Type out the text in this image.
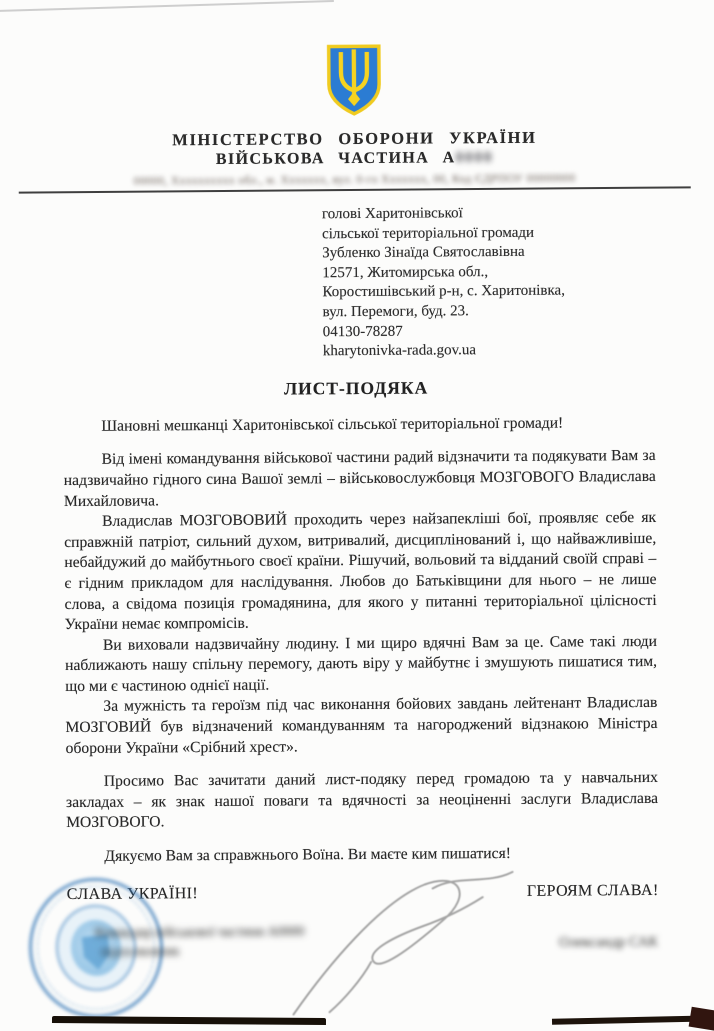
МІНІСТЕРСТВО ОБОРОНИ УКРАЇНИ
ВІЙСЬКОВА ЧАСТИНА А0000
00000, Xxxxxxxxxx обл., м. Xxxxxxx, вул. 0-го Xxxxxxx, 00, Код ЄДРПОУ 00000000
голові Харитонівської
сільської територіальної громади
Зубленко Зінаїда Святославівна
12571, Житомирська обл.,
Коростишівський р-н, с. Харитонівка,
вул. Перемоги, буд. 23.
04130-78287
kharytonivka-rada.gov.ua
ЛИСТ-ПОДЯКА

Шановні мешканці Харитонівської сільської територіальної громади!

Від імені командування військової частини радий відзначити та подякувати Вам за надзвичайно гідного сина Вашої землі – військовослужбовця МОЗГОВОГО Владислава Михайловича.

Владислав МОЗГОВОВИЙ проходить через найзапекліші бої, проявляє себе як справжній патріот, сильний духом, витривалий, дисциплінований і, що найважливіше, небайдужий до майбутнього своєї країни. Рішучий, вольовий та відданий своїй справі – є гідним прикладом для наслідування. Любов до Батьківщини для нього – не лише слова, а свідома позиція громадянина, для якого у питанні територіальної цілісності України немає компромісів.

Ви виховали надзвичайну людину. І ми щиро вдячні Вам за це. Саме такі люди наближають нашу спільну перемогу, дають віру у майбутнє і змушують пишатися тим, що ми є частиною однієї нації.

За мужність та героїзм під час виконання бойових завдань лейтенант Владислав МОЗГОВИЙ був відзначений командуванням та нагороджений відзнакою Міністра оборони України «Срібний хрест».

Просимо Вас зачитати даний лист-подяку перед громадою та у навчальних закладах – як знак нашої поваги та вдячності за неоціненні заслуги Владислава МОЗГОВОГО.

Дякуємо Вам за справжнього Воїна. Ви маєте ким пишатися!

СЛАВА УКРАЇНІ!	ГЕРОЯМ СЛАВА!
Командир військової частини А0000
підполковник
Олександр САК
